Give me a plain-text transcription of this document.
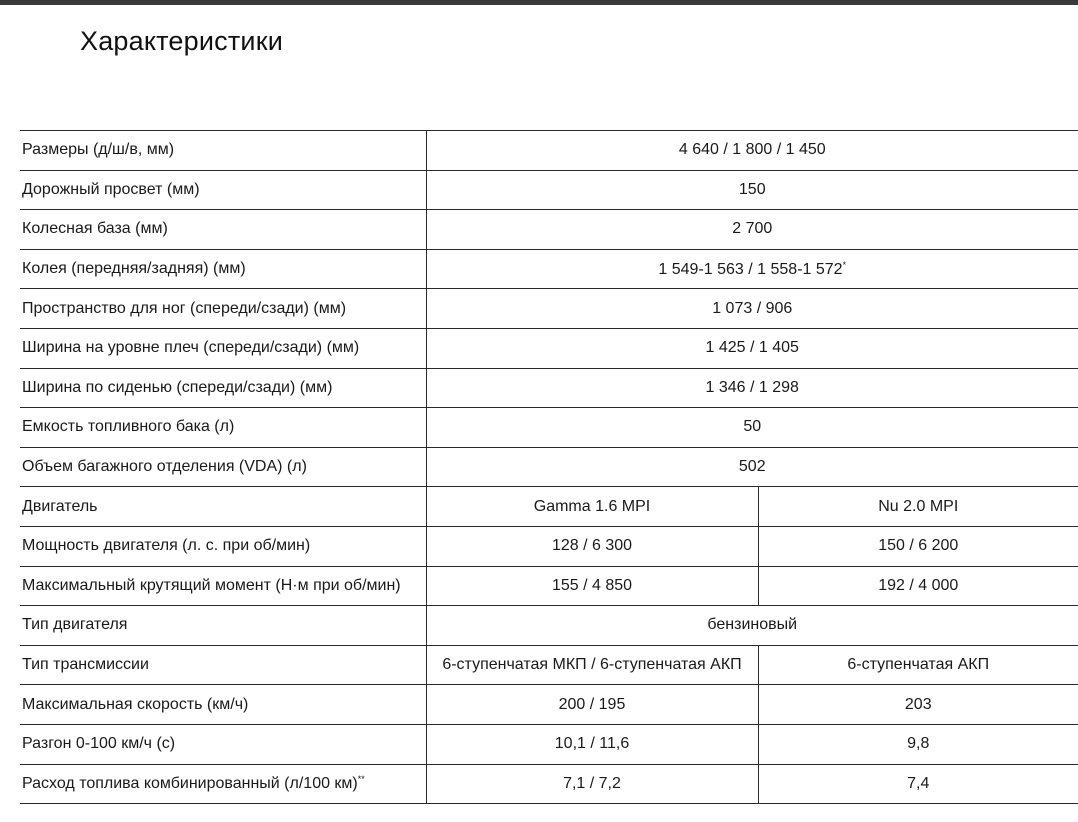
Характеристики
Размеры (д/ш/в, мм)	4 640 / 1 800 / 1 450	
Дорожный просвет (мм)	150	
Колесная база (мм)	2 700	
Колея (передняя/задняя) (мм)	1 549-1 563 / 1 558-1 572*
Пространство для ног (спереди/сзади) (мм)	1 073 / 906	
Ширина на уровне плеч (спереди/сзади) (мм)	1 425 / 1 405	
Ширина по сиденью (спереди/сзади) (мм)	1 346 / 1 298	
Емкость топливного бака (л)	50	
Объем багажного отделения (VDA) (л)	502	
Двигатель	Gamma 1.6 MPI	Nu 2.0 MPI
Мощность двигателя (л. с. при об/мин)	128 / 6 300	150 / 6 200
Максимальный крутящий момент (Н·м при об/мин)	155 / 4 850	192 / 4 000
Тип двигателя	бензиновый	
Тип трансмиссии	6-ступенчатая МКП / 6-ступенчатая АКП	6-ступенчатая АКП
Максимальная скорость (км/ч)	200 / 195	203
Разгон 0-100 км/ч (с)	10,1 / 11,6	9,8
Расход топлива комбинированный (л/100 км)**	7,1 / 7,2	7,4
